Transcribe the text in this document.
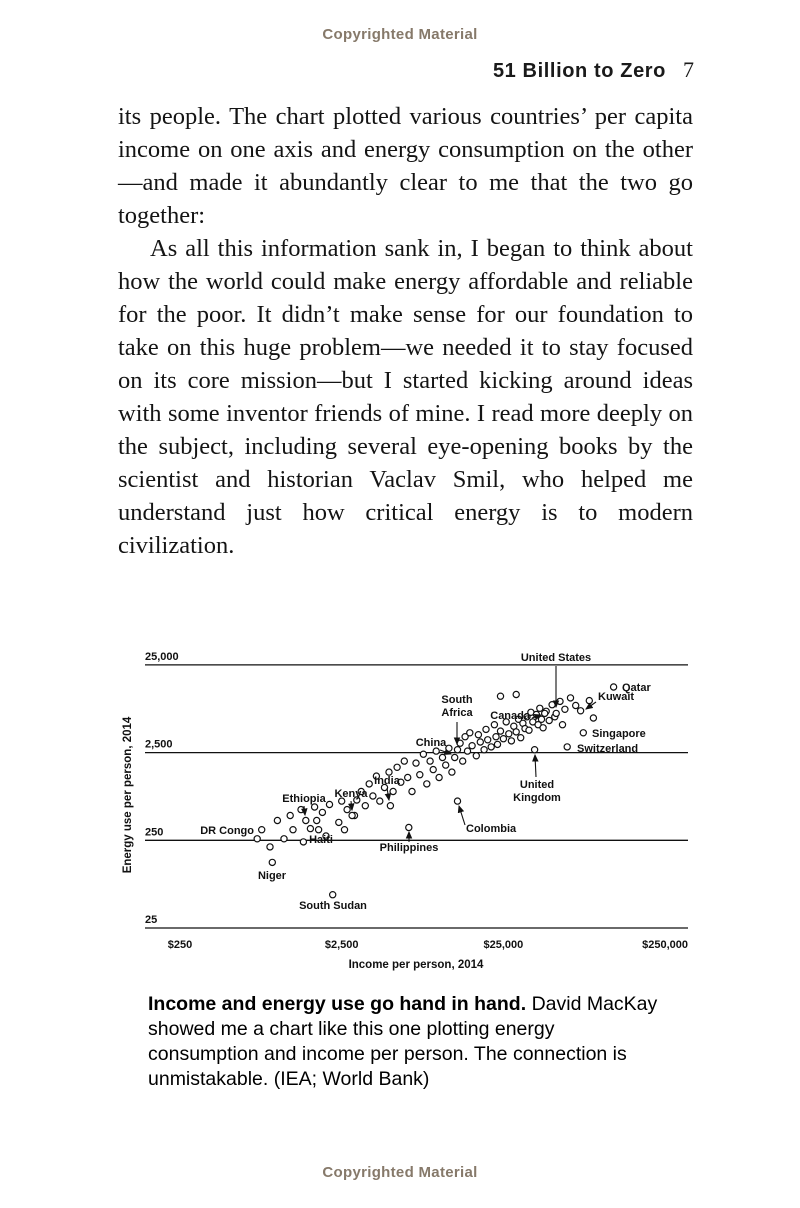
Copyrighted Material
51 Billion to Zero 7

its people. The chart plotted various countries’ per capita income on one axis and energy consumption on the other—and made it abundantly clear to me that the two go together:

As all this information sank in, I began to think about how the world could make energy affordable and reliable for the poor. It didn’t make sense for our foundation to take on this huge problem—we needed it to stay focused on its core mission—but I started kicking around ideas with some inventor friends of mine. I read more deeply on the subject, including several eye-opening books by the scientist and historian Vaclav Smil, who helped me understand just how critical energy is to modern civilization.

25,000
2,500
250
25
$250	$2,500	$25,000	$250,000
Income per person, 2014
Energy use per person, 2014
United States
Qatar
Kuwait
Canada
Singapore
Switzerland
South
Africa
China
United
Kingdom
Colombia
India
Kenya
Ethiopia
Haiti
DR Congo
Philippines
Niger
South Sudan

Income and energy use go hand in hand. David MacKay showed me a chart like this one plotting energy consumption and income per person. The connection is unmistakable. (IEA; World Bank)

Copyrighted Material
